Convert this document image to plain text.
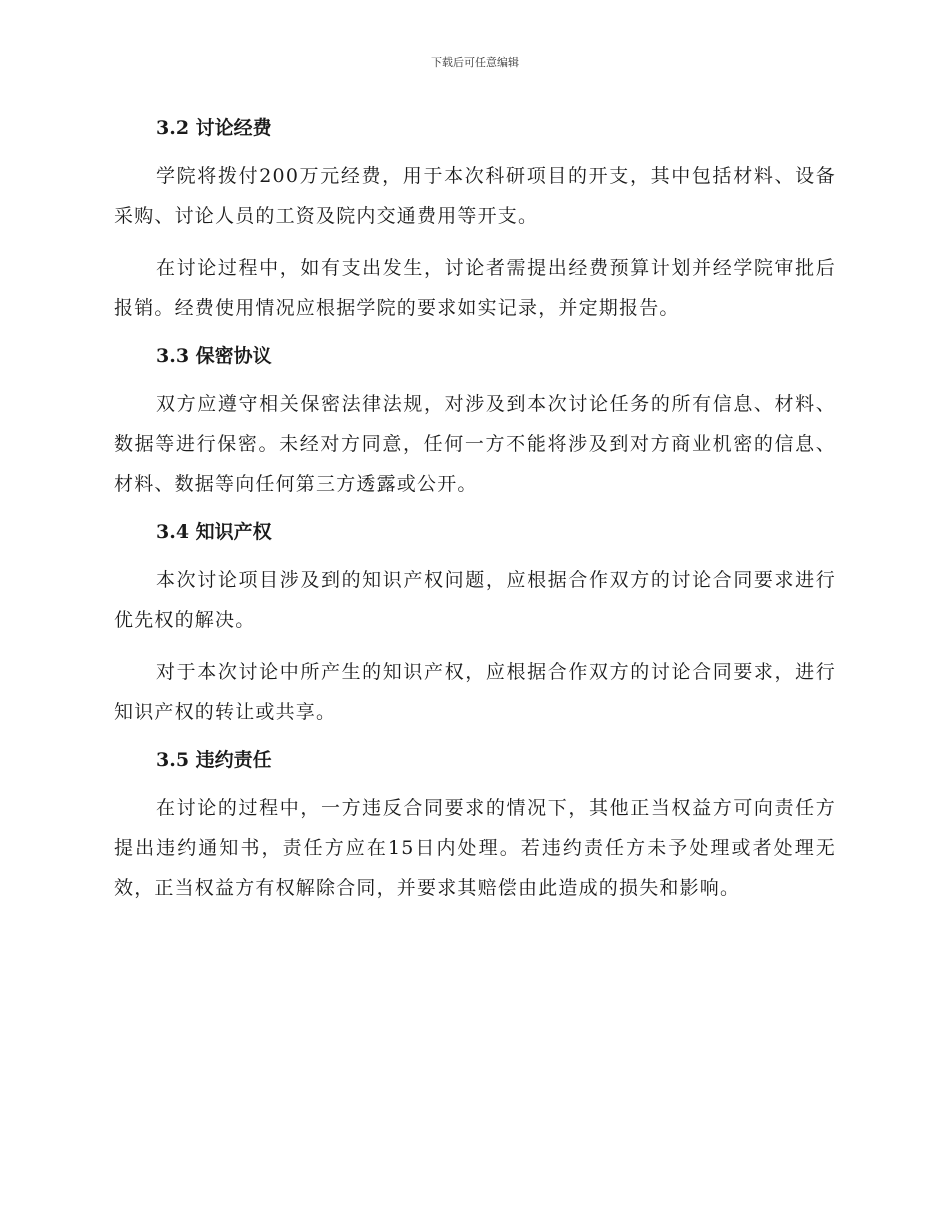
下载后可任意编辑
3.2 讨论经费

学院将拨付200万元经费，用于本次科研项目的开支，其中包括材料、设备采购、讨论人员的工资及院内交通费用等开支。

在讨论过程中，如有支出发生，讨论者需提出经费预算计划并经学院审批后报销。经费使用情况应根据学院的要求如实记录，并定期报告。

3.3 保密协议

双方应遵守相关保密法律法规，对涉及到本次讨论任务的所有信息、材料、数据等进行保密。未经对方同意，任何一方不能将涉及到对方商业机密的信息、材料、数据等向任何第三方透露或公开。

3.4 知识产权

本次讨论项目涉及到的知识产权问题，应根据合作双方的讨论合同要求进行优先权的解决。

对于本次讨论中所产生的知识产权，应根据合作双方的讨论合同要求，进行知识产权的转让或共享。

3.5 违约责任

在讨论的过程中，一方违反合同要求的情况下，其他正当权益方可向责任方提出违约通知书，责任方应在15日内处理。若违约责任方未予处理或者处理无效，正当权益方有权解除合同，并要求其赔偿由此造成的损失和影响。
